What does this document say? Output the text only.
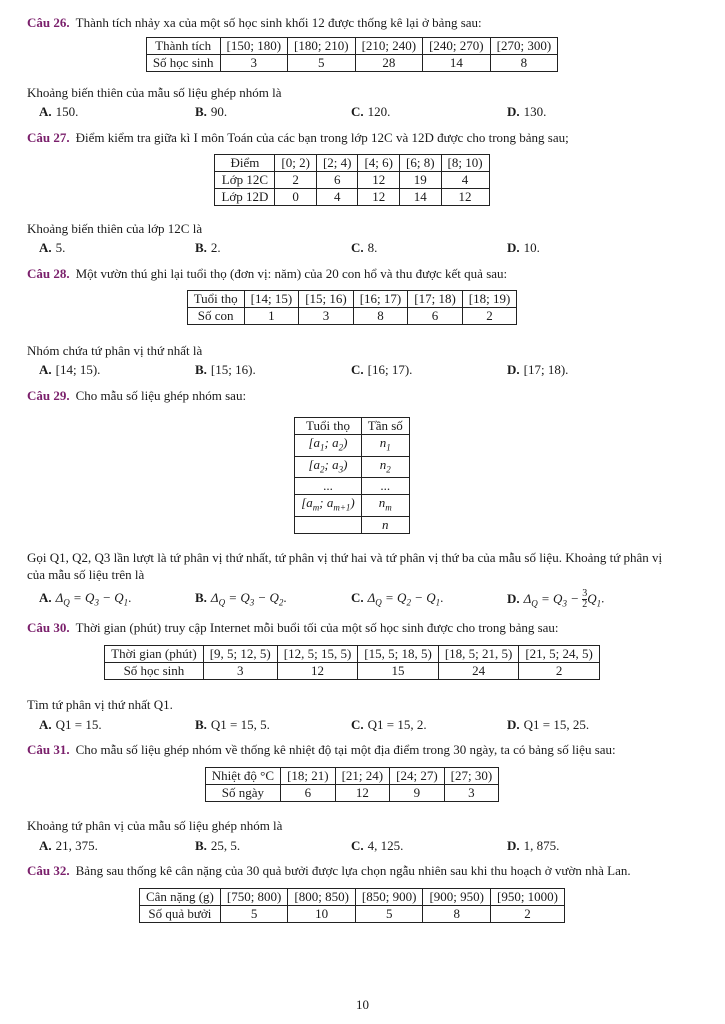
Câu 26. Thành tích nhảy xa của một số học sinh khối 12 được thống kê lại ở bảng sau:

Thành tích	[150; 180)	[180; 210)	[210; 240)	[240; 270)	[270; 300)
Số học sinh	3	5	28	14	8

Khoảng biến thiên của mẫu số liệu ghép nhóm là

A. 150.	B. 90.	C. 120.	D. 130.

Câu 27. Điểm kiểm tra giữa kì I môn Toán của các bạn trong lớp 12C và 12D được cho trong bảng sau;

Điểm	[0; 2)	[2; 4)	[4; 6)	[6; 8)	[8; 10)
Lớp 12C	2	6	12	19	4
Lớp 12D	0	4	12	14	12

Khoảng biến thiên của lớp 12C là

A. 5.	B. 2.	C. 8.	D. 10.

Câu 28. Một vườn thú ghi lại tuổi thọ (đơn vị: năm) của 20 con hổ và thu được kết quả sau:

Tuổi thọ	[14; 15)	[15; 16)	[16; 17)	[17; 18)	[18; 19)
Số con	1	3	8	6	2

Nhóm chứa tứ phân vị thứ nhất là

A. [14; 15).	B. [15; 16).	C. [16; 17).	D. [17; 18).

Câu 29. Cho mẫu số liệu ghép nhóm sau:

Tuổi thọ	Tần số
[$a_1$; $a_2$)	$n_1$
[$a_2$; $a_3$)	$n_2$
...	...
[$a_m$; $a_{m+1}$)	$n_m$
	n

Gọi Q1, Q2, Q3 lần lượt là tứ phân vị thứ nhất, tứ phân vị thứ hai và tứ phân vị thứ ba của mẫu số liệu. Khoảng tứ phân vị của mẫu số liệu trên là

A. $\Delta_Q = Q_3 - Q_1$.	B. $\Delta_Q = Q_3 - Q_2$.	C. $\Delta_Q = Q_2 - Q_1$.	D. $\Delta_Q = Q_3 - \frac{3}{2} Q_1$.

Câu 30. Thời gian (phút) truy cập Internet mỗi buổi tối của một số học sinh được cho trong bảng sau:

Thời gian (phút)	[9, 5; 12, 5)	[12, 5; 15, 5)	[15, 5; 18, 5)	[18, 5; 21, 5)	[21, 5; 24, 5)
Số học sinh	3	12	15	24	2

Tìm tứ phân vị thứ nhất Q1.

A. Q1 = 15.	B. Q1 = 15, 5.	C. Q1 = 15, 2.	D. Q1 = 15, 25.

Câu 31. Cho mẫu số liệu ghép nhóm về thống kê nhiệt độ tại một địa điểm trong 30 ngày, ta có bảng số liệu sau:

Nhiệt độ °C	[18; 21)	[21; 24)	[24; 27)	[27; 30)
Số ngày	6	12	9	3

Khoảng tứ phân vị của mẫu số liệu ghép nhóm là

A. 21, 375.	B. 25, 5.	C. 4, 125.	D. 1, 875.

Câu 32. Bảng sau thống kê cân nặng của 30 quả bưởi được lựa chọn ngẫu nhiên sau khi thu hoạch ở vườn nhà Lan.

Cân nặng (g)	[750; 800)	[800; 850)	[850; 900)	[900; 950)	[950; 1000)
Số quả bưởi	5	10	5	8	2
10
